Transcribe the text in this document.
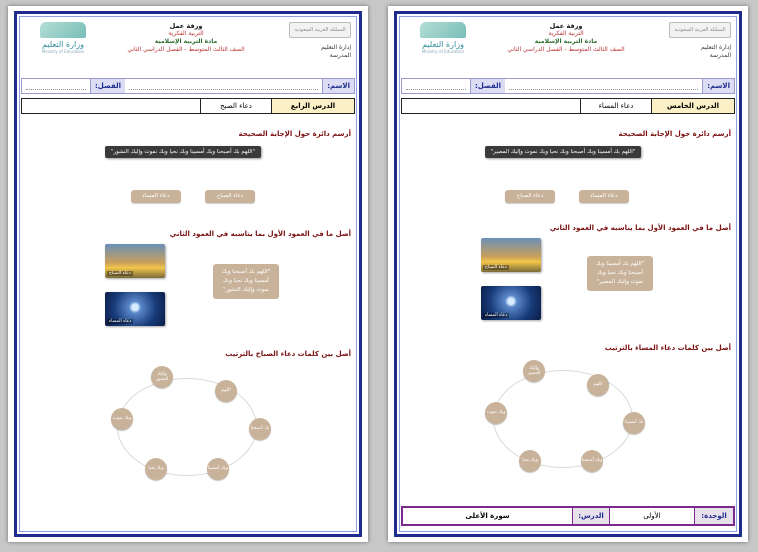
المملكة العربية السعودية
إدارة التعليم
المدرسة
ورقة عمل
التربية الفكرية
مادة التربية الإسلامية
الصف الثالث المتوسط - الفصل الدراسي الثاني
وزارة التعليم
Ministry of Education
الاسم:
الفصل:
الدرس الرابع
دعاء الصبح
أرسم دائرة حول الإجابة الصحيحة
"اللهم بك أصبحنا وبك أمسينا وبك نحيا وبك نموت وإليك النشور"
دعاء المساء	دعاء الصباح
أصل ما في العمود الأول بما يناسبه في العمود الثاني
دعاء الصباح
دعاء المساء
"اللهم بك أصبحنا وبك أمسينا وبك نحيا وبك نموت وإليك النشور"
أصل بين كلمات دعاء الصباح بالترتيب
وإليك النشور
اللهم
بك أصبحنا
وبك أمسينا
وبك نحيا
وبك نموت
المملكة العربية السعودية
إدارة التعليم
المدرسة
ورقة عمل
التربية الفكرية
مادة التربية الإسلامية
الصف الثالث المتوسط - الفصل الدراسي الثاني
وزارة التعليم
Ministry of Education
الاسم:
الفصل:
الدرس الخامس
دعاء المساء
أرسم دائرة حول الإجابة الصحيحة
"اللهم بك أمسينا وبك أصبحنا وبك نحيا وبك نموت وإليك المصير"
دعاء الصباح	دعاء المساء
أصل ما في العمود الأول بما يناسبه في العمود الثاني
دعاء الصباح
دعاء المساء
"اللهم بك أمسينا وبك أصبحنا وبك نحيا وبك نموت وإليك المصير"
أصل بين كلمات دعاء المساء بالترتيب
وإليك المصير
اللهم
بك أمسينا
وبك أصبحنا
وبك نحيا
وبك نموت
الوحدة:
الأولى
الدرس:
سورة الأعلى
